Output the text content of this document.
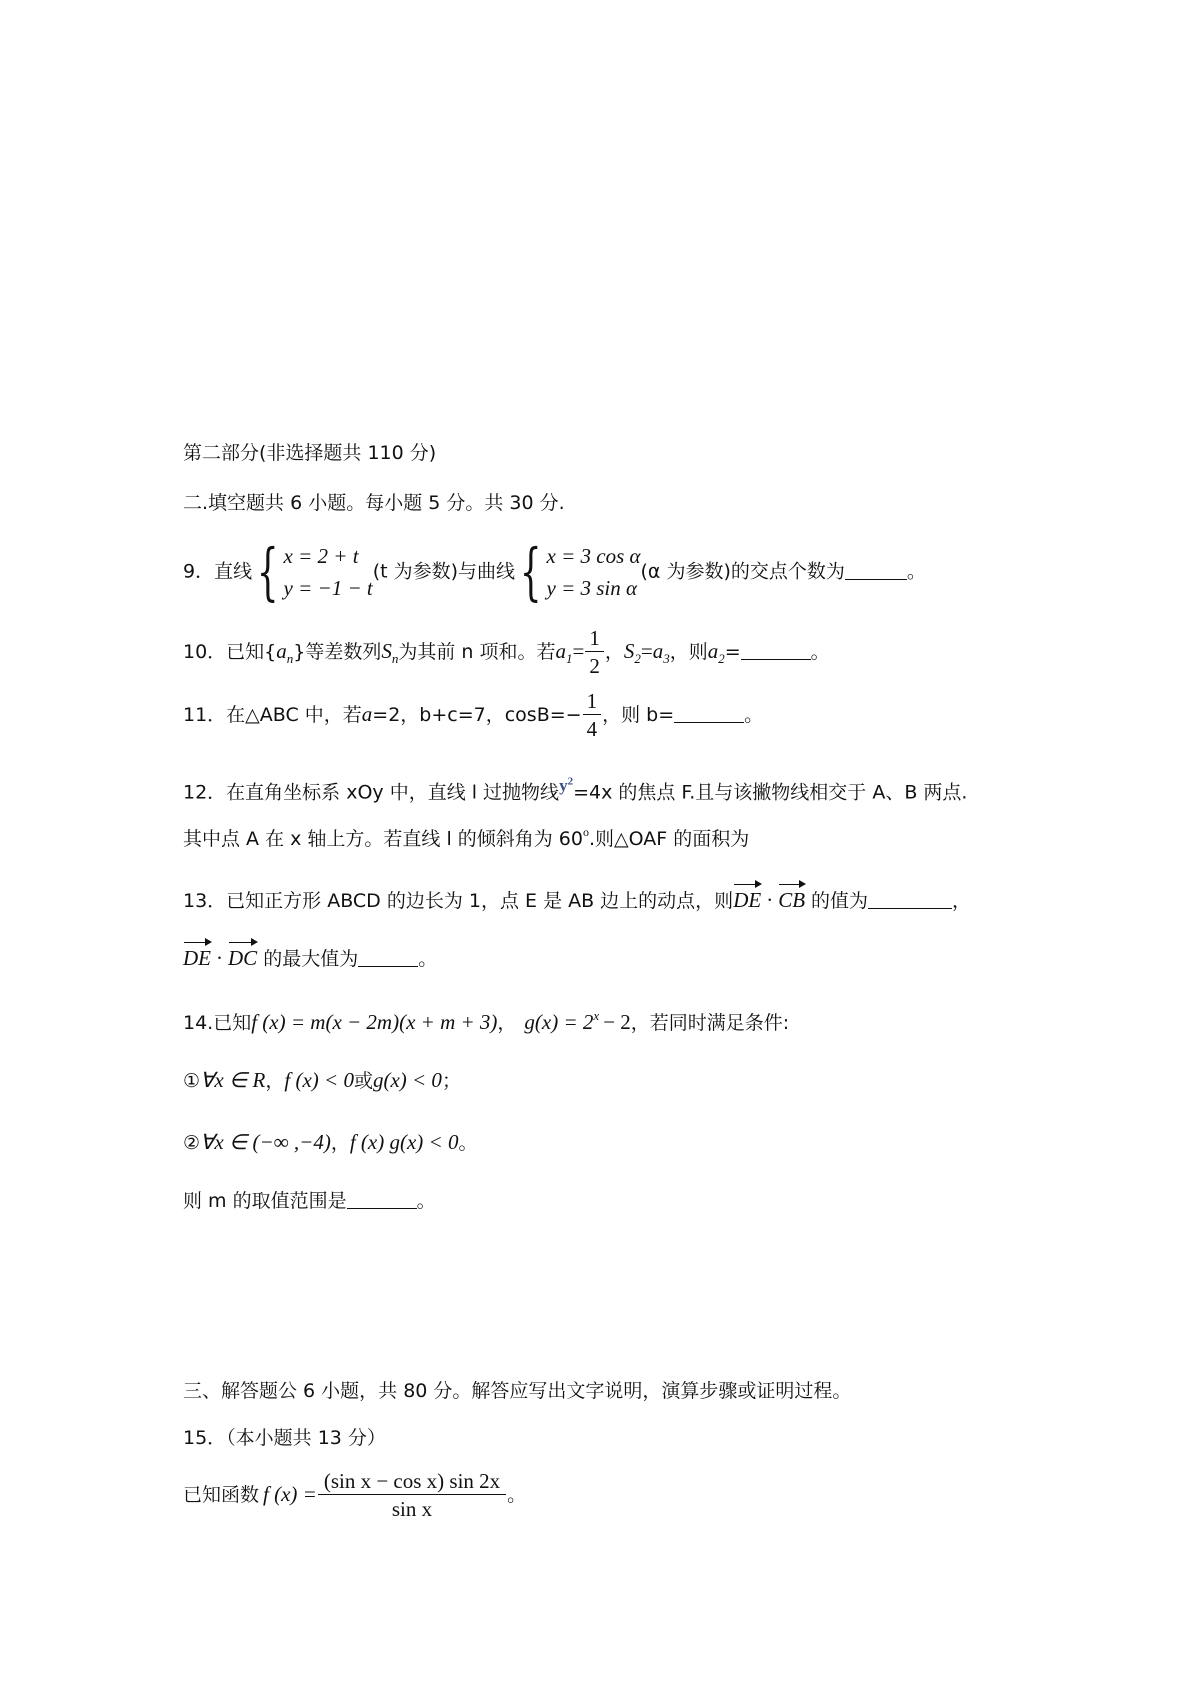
第二部分(非选择题共 110 分)
二.填空题共 6 小题。每小题 5 分。共 30 分.
9．直线{ x = 2 + t
y = −1 − t
(t 为参数)与曲线{ x = 3 cos α
y = 3 sin α
(α 为参数)的交点个数为	。
10．已知$\{a_n\}$等差数列$S_n$为其前 n 项和。若$a_1= \frac{1}{2}$ ，$S_2=a_3$，则$a_2=$	。
11．在△ABC 中，若a=2，b+c=7，$\cos B=- \frac{1}{4}$ ，则 b=	。
12．在直角坐标系 xOy 中，直线 l 过抛物线$y^2=4x$ 的焦点 F.且与该撇物线相交于 A、B 两点.
其中点 A 在 x 轴上方。若直线 l 的倾斜角为 60$^o$.则△OAF 的面积为
13．已知正方形 ABCD 的边长为 1，点 E 是 AB 边上的动点，则DE · CB 的值为	，
DE · DC 的最大值为	。
14.已知f (x) = m(x − 2m)(x + m + 3)， $g(x) = 2^x - 2$，若同时满足条件:
①∀x ∈ R，f (x) < 0或g(x) < 0；
②∀x ∈ (−∞ ,−4)，f (x) g(x) < 0。
则 m 的取值范围是	。
三、解答题公 6 小题，共 80 分。解答应写出文字说明，演算步骤或证明过程。
15．（本小题共 13 分）
已知函数 f $(x) = \frac{\text{(sin x − cos x) sin 2x}}{\text{sin x}}$ 。
